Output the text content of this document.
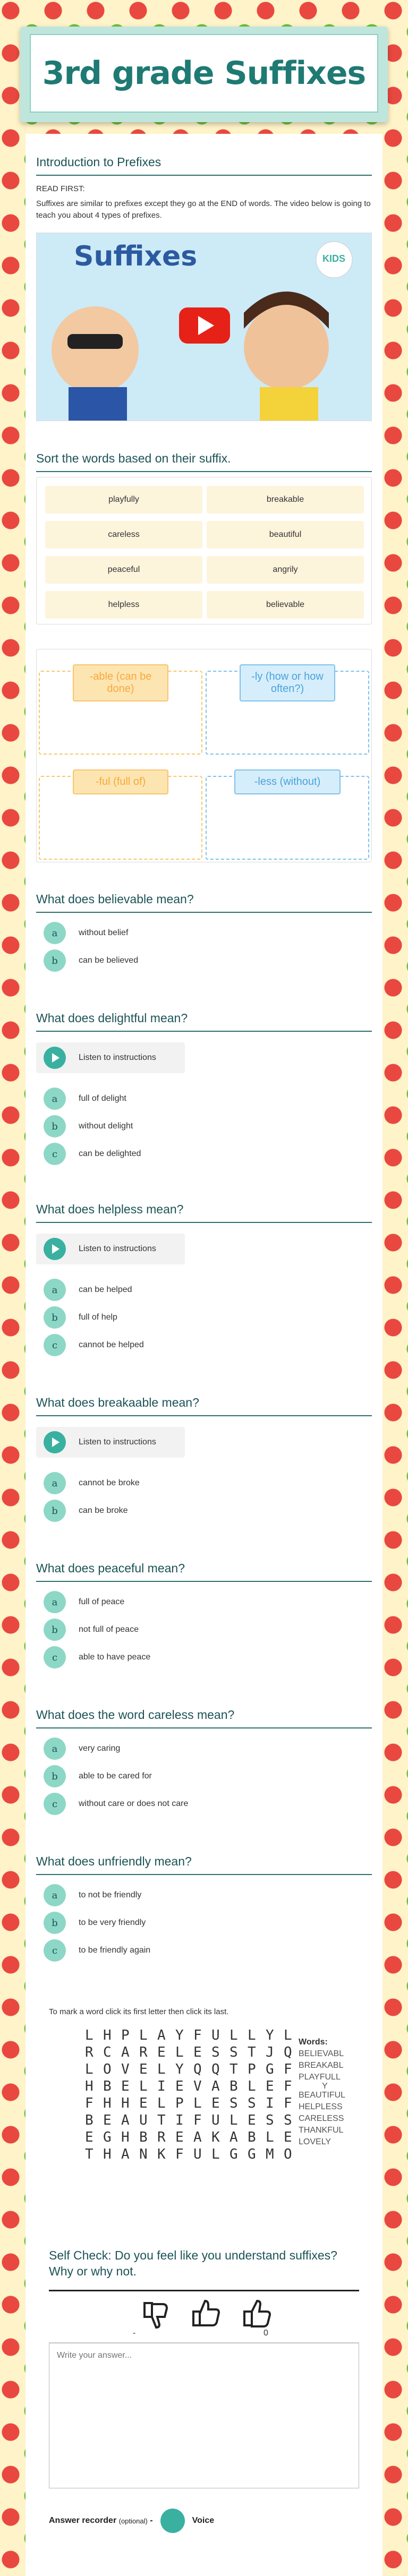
3rd grade Suffixes
Introduction to Prefixes
READ FIRST:
Suffixes are similar to prefixes except they go at the END of words. The video below is going to teach you about 4 types of prefixes.
Suffixes	KIDS
Sort the words based on their suffix.
playfully	breakable
careless	beautiful
peaceful	angrily
helpless	believable
-able (can be done)
-ly (how or how often?)
-ful (full of)	-less (without)
What does believable mean?
a	without belief
b	can be believed
What does delightful mean?
Listen to instructions
a	full of delight
b	without delight
c	can be delighted
What does helpless mean?
Listen to instructions
a	can be helped
b	full of help
c	cannot be helped
What does breakaable mean?
Listen to instructions
a	cannot be broke
b	can be broke
What does peaceful mean?
a	full of peace
b	not full of peace
c	able to have peace
What does the word careless mean?
a	very caring
b	able to be cared for
c	without care or does not care
What does unfriendly mean?
a	to not be friendly
b	to be very friendly
c	to be friendly again
To mark a word click its first letter then click its last.
L H P L A Y F U L L Y L
R C A R E L E S S T J Q
L O V E L Y Q Q T P G F
H B E L I E V A B L E F
F H H E L P L E S S I F
B E A U T I F U L E S S
E G H B R E A K A B L E
T H A N K F U L G G M O
Words:
BELIEVABL
BREAKABL
PLAYFULL
Y
BEAUTIFUL
HELPLESS
CARELESS
THANKFUL
LOVELY
Self Check: Do you feel like you understand suffixes? Why or why not.
-	0
Write your answer...
Answer recorder
(optional)
-	Voice
